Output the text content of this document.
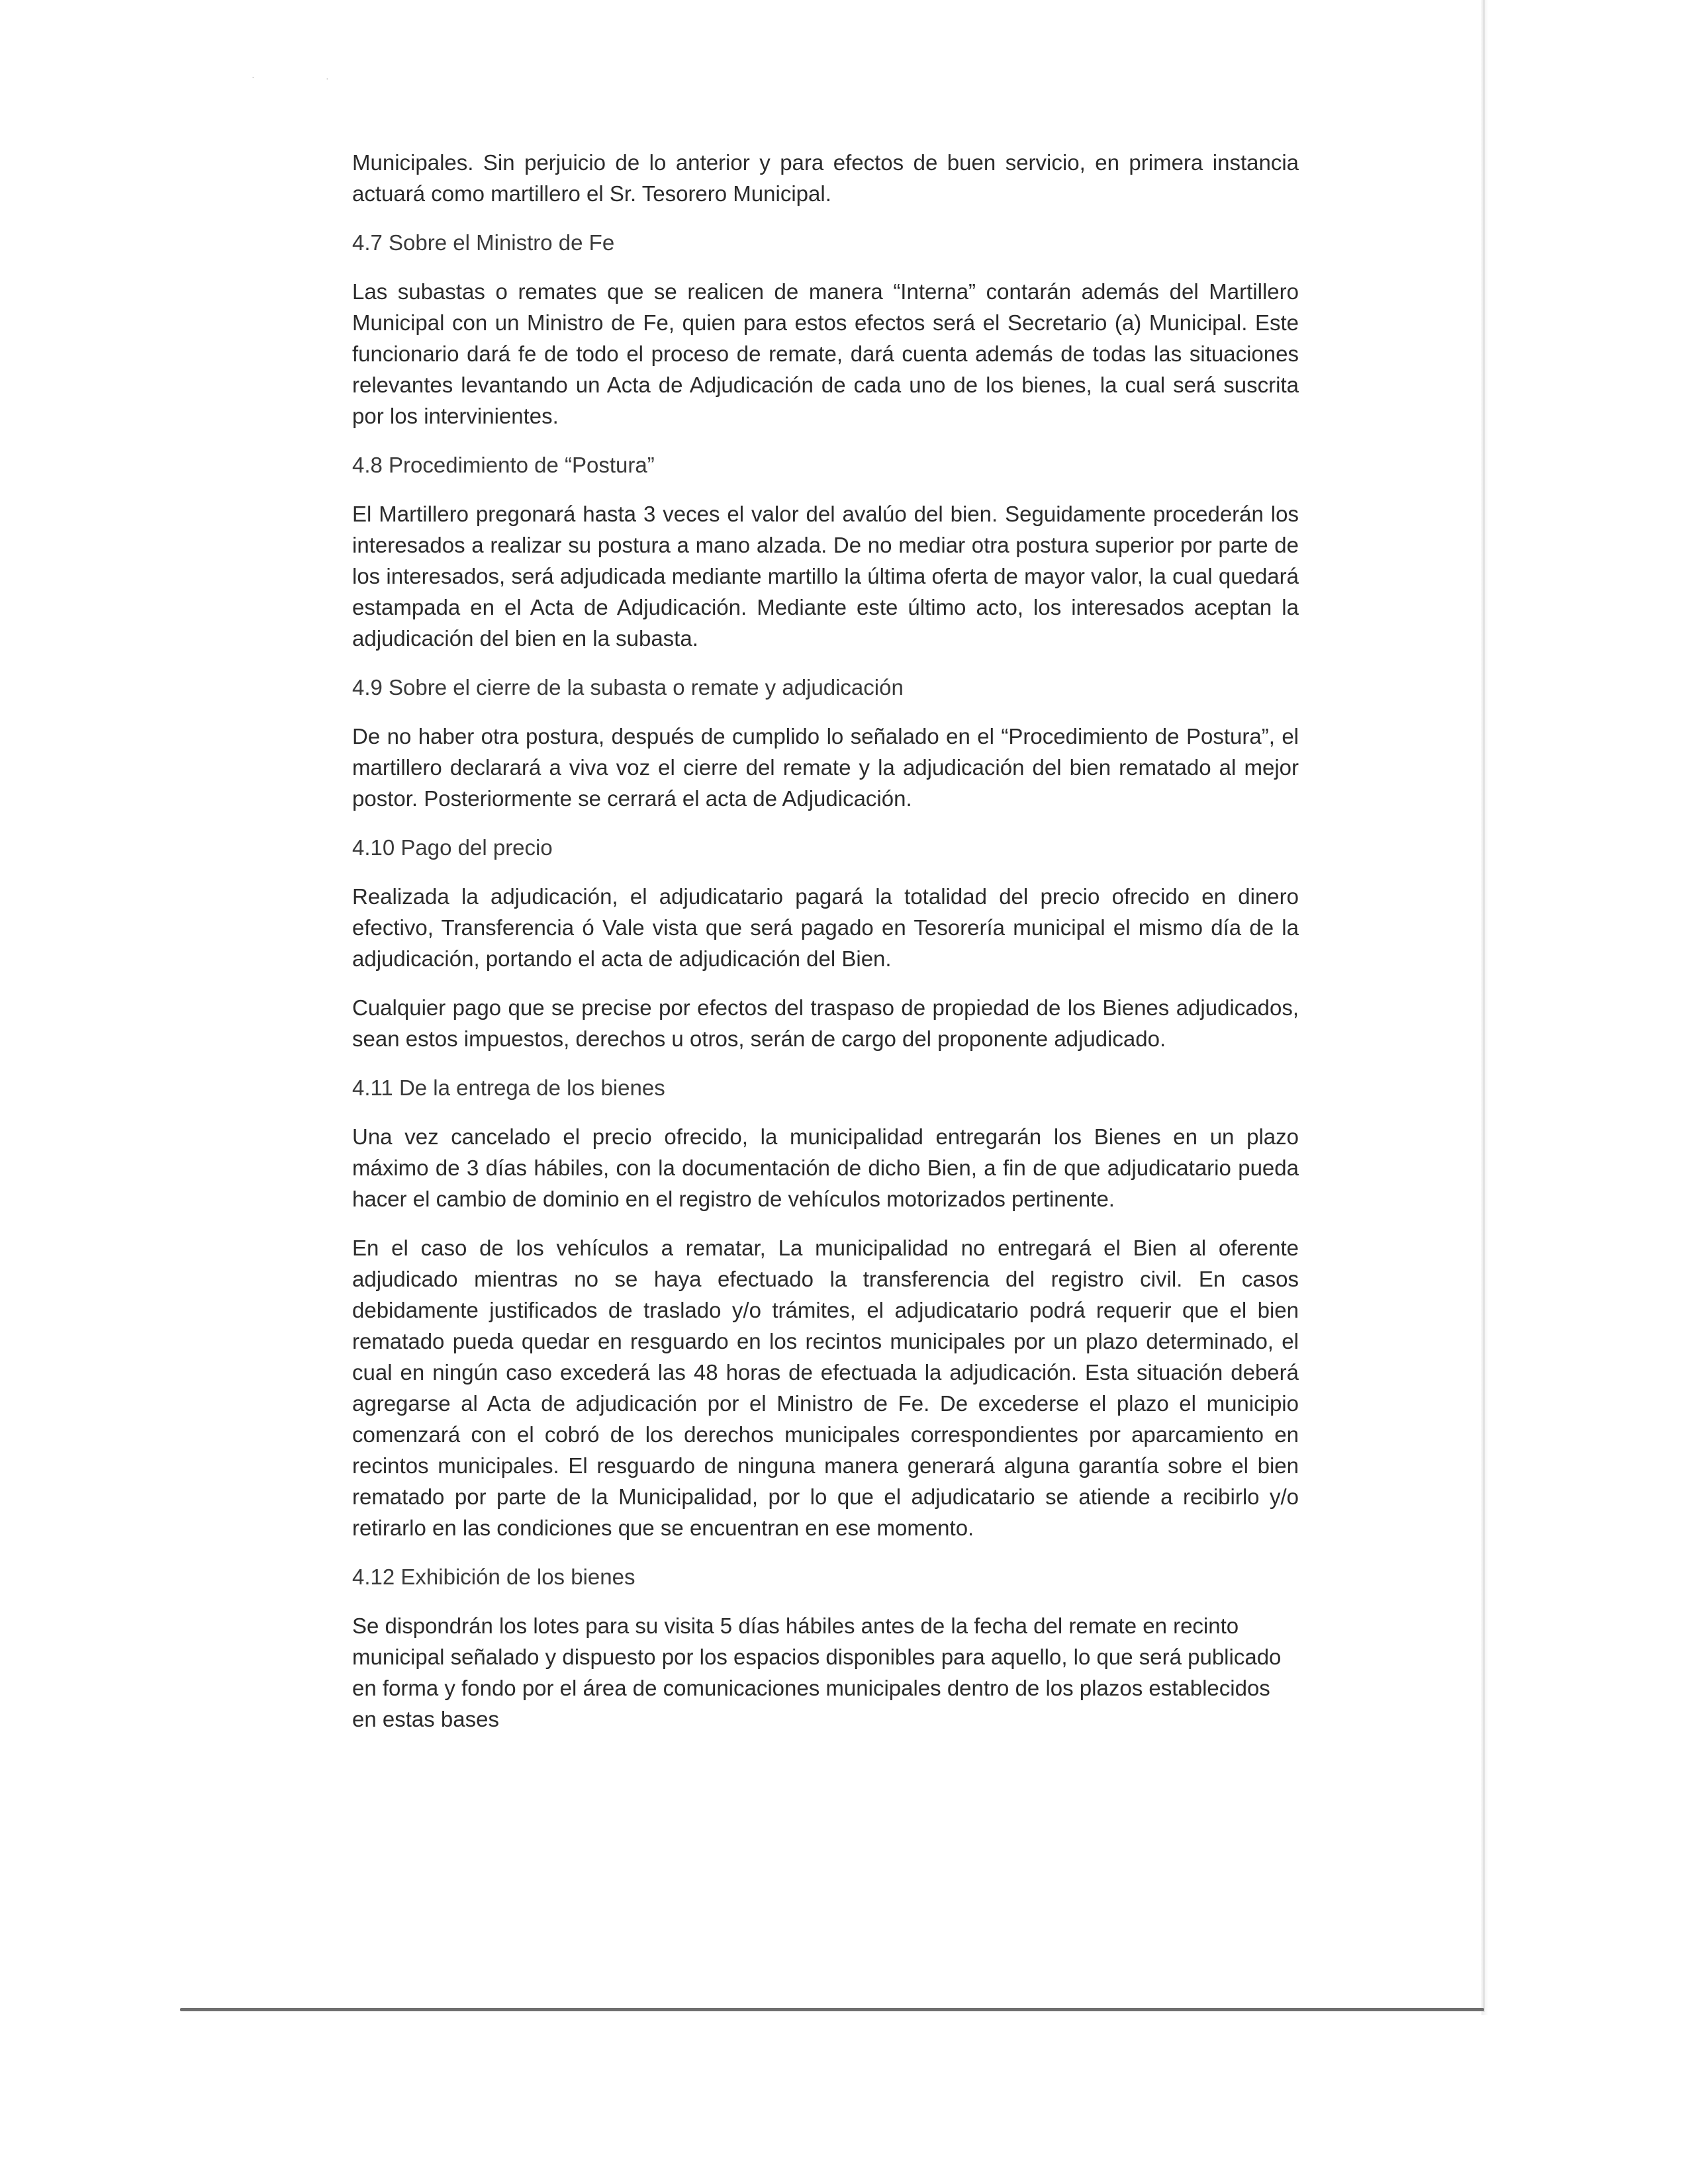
·	·

Municipales. Sin perjuicio de lo anterior y para efectos de buen servicio, en primera instancia actuará como martillero el Sr. Tesorero Municipal.

4.7 Sobre el Ministro de Fe

Las subastas o remates que se realicen de manera “Interna” contarán además del Martillero Municipal con un Ministro de Fe, quien para estos efectos será el Secretario (a) Municipal. Este funcionario dará fe de todo el proceso de remate, dará cuenta además de todas las situaciones relevantes levantando un Acta de Adjudicación de cada uno de los bienes, la cual será suscrita por los intervinientes.

4.8 Procedimiento de “Postura”

El Martillero pregonará hasta 3 veces el valor del avalúo del bien. Seguidamente procederán los interesados a realizar su postura a mano alzada. De no mediar otra postura superior por parte de los interesados, será adjudicada mediante martillo la última oferta de mayor valor, la cual quedará estampada en el Acta de Adjudicación. Mediante este último acto, los interesados aceptan la adjudicación del bien en la subasta.

4.9 Sobre el cierre de la subasta o remate y adjudicación

De no haber otra postura, después de cumplido lo señalado en el “Procedimiento de Postura”, el martillero declarará a viva voz el cierre del remate y la adjudicación del bien rematado al mejor postor. Posteriormente se cerrará el acta de Adjudicación.

4.10 Pago del precio

Realizada la adjudicación, el adjudicatario pagará la totalidad del precio ofrecido en dinero efectivo, Transferencia ó Vale vista que será pagado en Tesorería municipal el mismo día de la adjudicación, portando el acta de adjudicación del Bien.

Cualquier pago que se precise por efectos del traspaso de propiedad de los Bienes adjudicados, sean estos impuestos, derechos u otros, serán de cargo del proponente adjudicado.

4.11 De la entrega de los bienes

Una vez cancelado el precio ofrecido, la municipalidad entregarán los Bienes en un plazo máximo de 3 días hábiles, con la documentación de dicho Bien, a fin de que adjudicatario pueda hacer el cambio de dominio en el registro de vehículos motorizados pertinente.

En el caso de los vehículos a rematar, La municipalidad no entregará el Bien al oferente adjudicado mientras no se haya efectuado la transferencia del registro civil. En casos debidamente justificados de traslado y/o trámites, el adjudicatario podrá requerir que el bien rematado pueda quedar en resguardo en los recintos municipales por un plazo determinado, el cual en ningún caso excederá las 48 horas de efectuada la adjudicación. Esta situación deberá agregarse al Acta de adjudicación por el Ministro de Fe. De excederse el plazo el municipio comenzará con el cobró de los derechos municipales correspondientes por aparcamiento en recintos municipales. El resguardo de ninguna manera generará alguna garantía sobre el bien rematado por parte de la Municipalidad, por lo que el adjudicatario se atiende a recibirlo y/o retirarlo en las condiciones que se encuentran en ese momento.

4.12 Exhibición de los bienes

Se dispondrán los lotes para su visita 5 días hábiles antes de la fecha del remate en recinto municipal señalado y dispuesto por los espacios disponibles para aquello, lo que será publicado en forma y fondo por el área de comunicaciones municipales dentro de los plazos establecidos en estas bases
